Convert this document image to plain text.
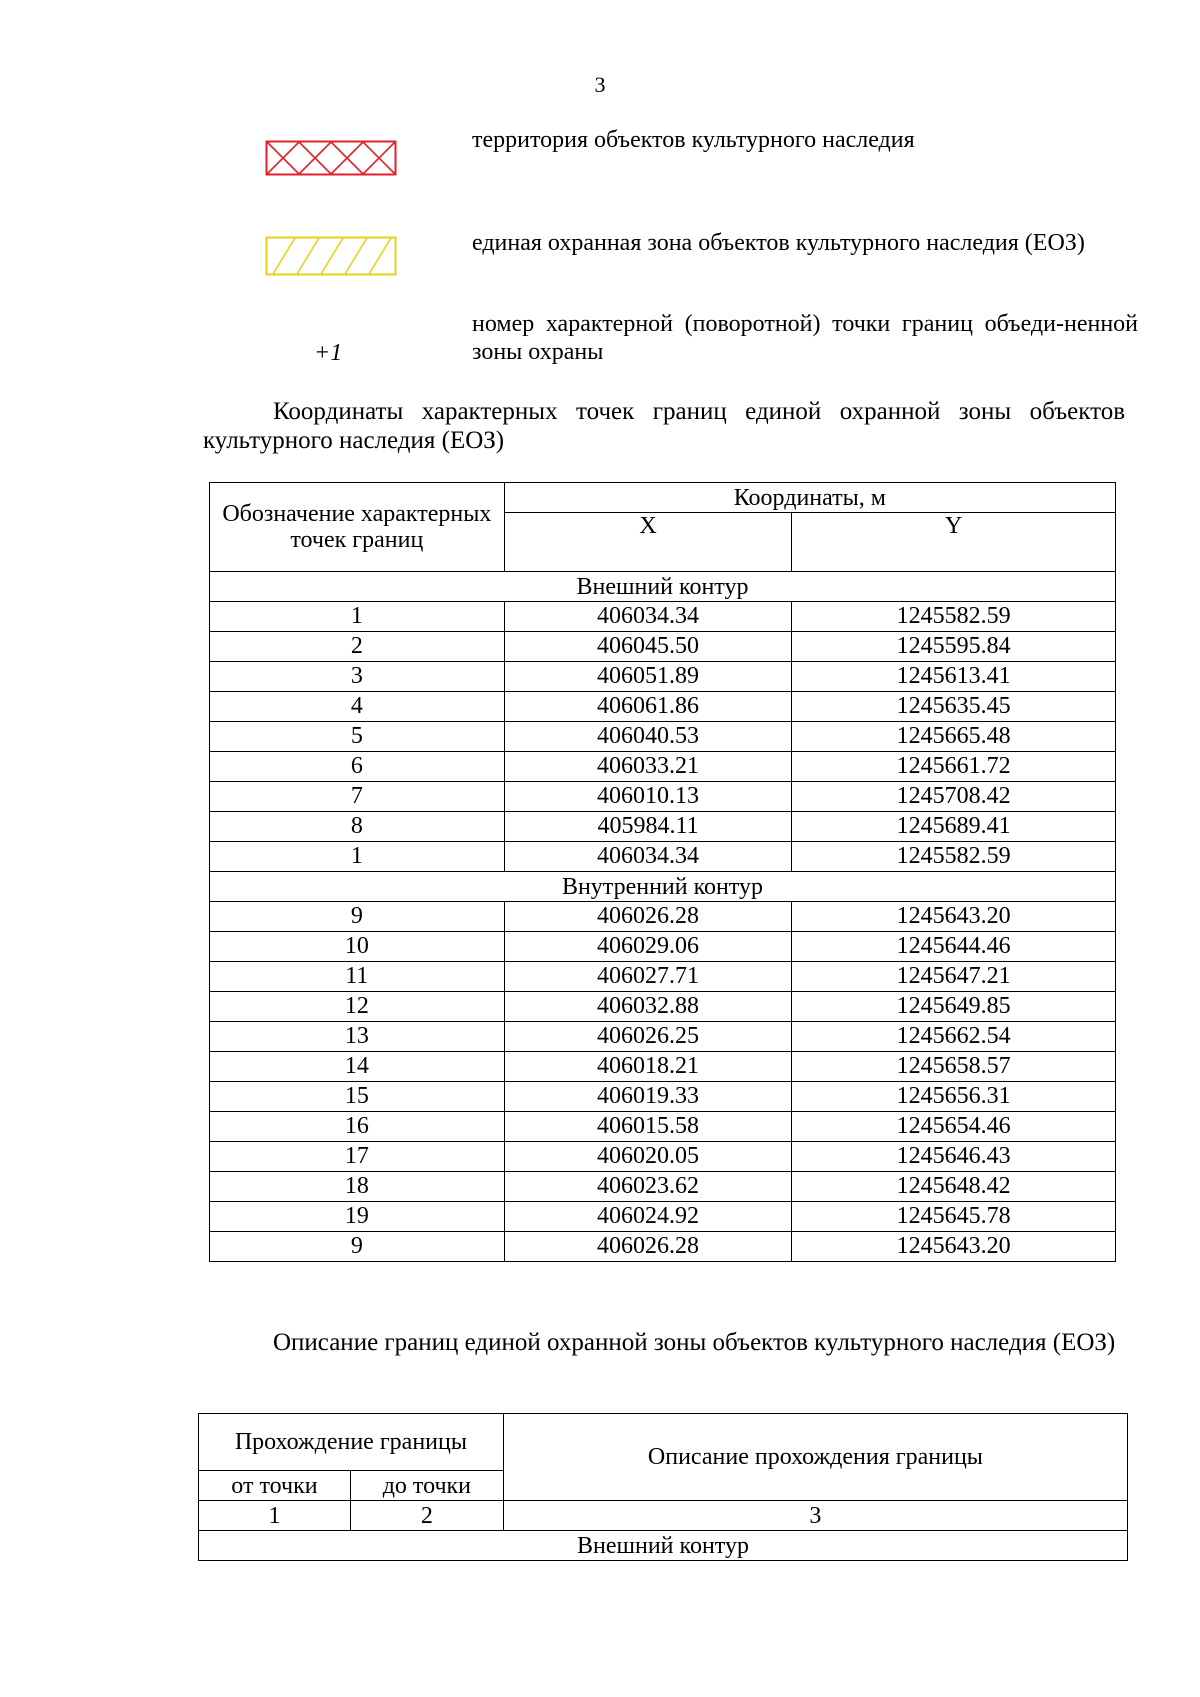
3
территория объектов культурного наследия
единая охранная зона объектов культурного наследия (ЕОЗ)
+1
номер характерной (поворотной) точки границ объеди-ненной зоны охраны
Координаты характерных точек границ единой охранной зоны объектов культурного наследия (ЕОЗ)
Обозначение характерных точек границ	Координаты, м	
	X	Y
Внешний контур		
1	406034.34	1245582.59
2	406045.50	1245595.84
3	406051.89	1245613.41
4	406061.86	1245635.45
5	406040.53	1245665.48
6	406033.21	1245661.72
7	406010.13	1245708.42
8	405984.11	1245689.41
1	406034.34	1245582.59
Внутренний контур		
9	406026.28	1245643.20
10	406029.06	1245644.46
11	406027.71	1245647.21
12	406032.88	1245649.85
13	406026.25	1245662.54
14	406018.21	1245658.57
15	406019.33	1245656.31
16	406015.58	1245654.46
17	406020.05	1245646.43
18	406023.62	1245648.42
19	406024.92	1245645.78
9	406026.28	1245643.20
Описание границ единой охранной зоны объектов культурного наследия (ЕОЗ)
Прохождение границы		Описание прохождения границы
от точки	до точки	
1	2	3
Внешний контур		
